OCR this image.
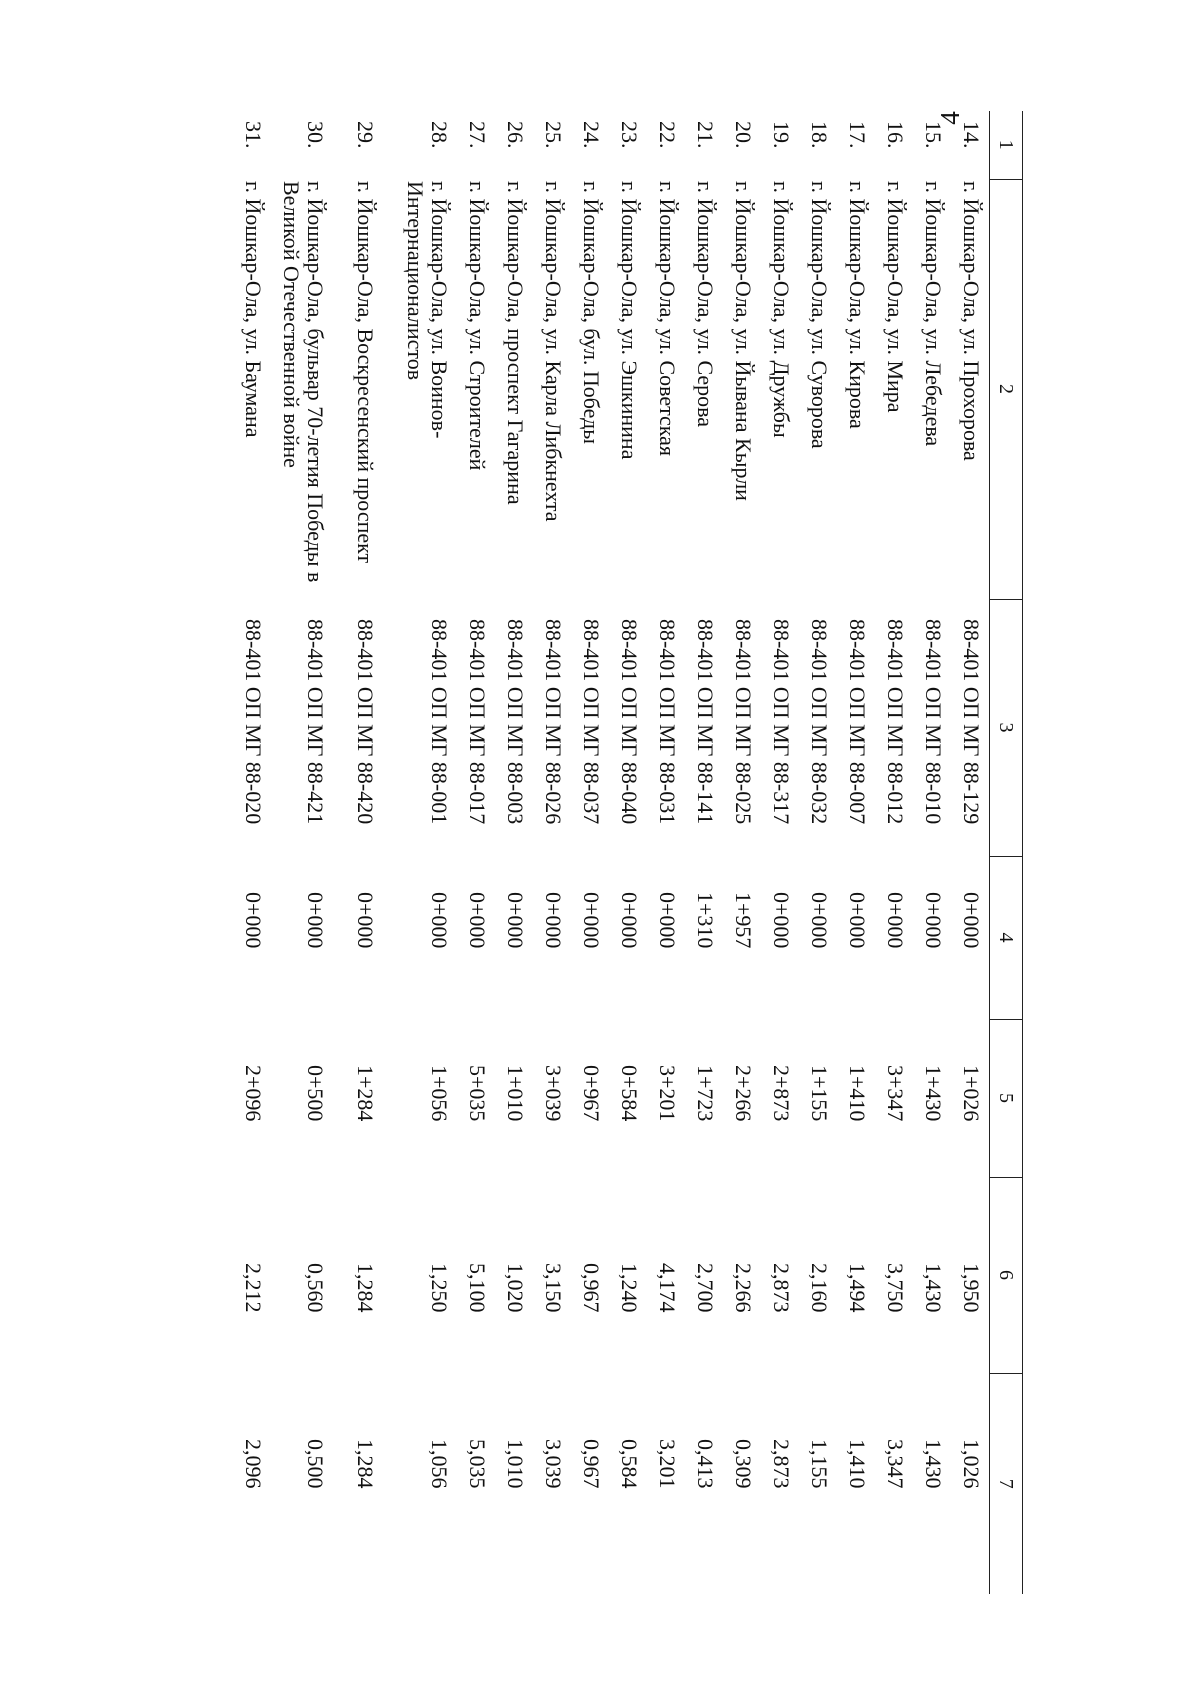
4
1	2	3	4	5	6	7
14.	г. Йошкар-Ола, ул. Прохорова	88-401 ОП МГ 88-129	0+000	1+026	1,950	1,026
15.	г. Йошкар-Ола, ул. Лебедева	88-401 ОП МГ 88-010	0+000	1+430	1,430	1,430
16.	г. Йошкар-Ола, ул. Мира	88-401 ОП МГ 88-012	0+000	3+347	3,750	3,347
17.	г. Йошкар-Ола, ул. Кирова	88-401 ОП МГ 88-007	0+000	1+410	1,494	1,410
18.	г. Йошкар-Ола, ул. Суворова	88-401 ОП МГ 88-032	0+000	1+155	2,160	1,155
19.	г. Йошкар-Ола, ул. Дружбы	88-401 ОП МГ 88-317	0+000	2+873	2,873	2,873
20.	г. Йошкар-Ола, ул. Йывана Кырли	88-401 ОП МГ 88-025	1+957	2+266	2,266	0,309
21.	г. Йошкар-Ола, ул. Серова	88-401 ОП МГ 88-141	1+310	1+723	2,700	0,413
22.	г. Йошкар-Ола, ул. Советская	88-401 ОП МГ 88-031	0+000	3+201	4,174	3,201
23.	г. Йошкар-Ола, ул. Эшкинина	88-401 ОП МГ 88-040	0+000	0+584	1,240	0,584
24.	г. Йошкар-Ола, бул. Победы	88-401 ОП МГ 88-037	0+000	0+967	0,967	0,967
25.	г. Йошкар-Ола, ул. Карла Либкнехта	88-401 ОП МГ 88-026	0+000	3+039	3,150	3,039
26.	г. Йошкар-Ола, проспект Гагарина	88-401 ОП МГ 88-003	0+000	1+010	1,020	1,010
27.	г. Йошкар-Ола, ул. Строителей	88-401 ОП МГ 88-017	0+000	5+035	5,100	5,035
28.	г. Йошкар-Ола, ул. Воинов-Интернационалистов	88-401 ОП МГ 88-001	0+000	1+056	1,250	1,056
29.	г. Йошкар-Ола, Воскресенский проспект	88-401 ОП МГ 88-420	0+000	1+284	1,284	1,284
30.	г. Йошкар-Ола, бульвар 70-летия Победы в Великой Отечественной войне	88-401 ОП МГ 88-421	0+000	0+500	0,560	0,500
31.	г. Йошкар-Ола, ул. Баумана	88-401 ОП МГ 88-020	0+000	2+096	2,212	2,096
